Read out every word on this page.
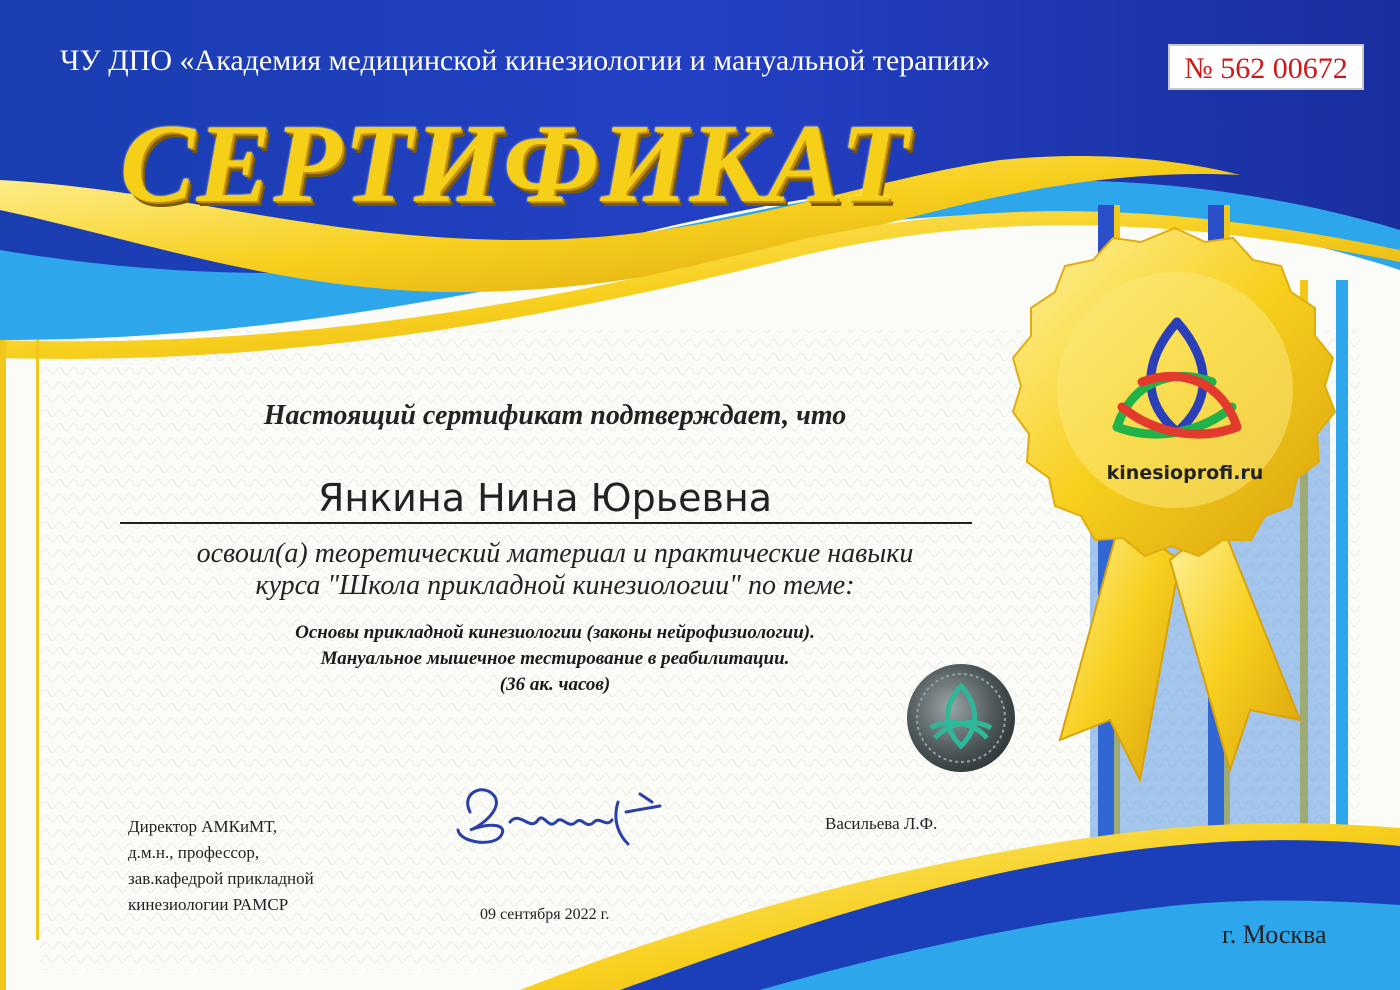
kinesioprofi.ru
ЧУ ДПО «Академия медицинской кинезиологии и мануальной терапии»	№ 562 00672
СЕРТИФИКАТ
Настоящий сертификат подтверждает, что
Янкина Нина Юрьевна
освоил(а) теоретический материал и практические навыки
курса "Школа прикладной кинезиологии" по теме:
Основы прикладной кинезиологии (законы нейрофизиологии).
Мануальное мышечное тестирование в реабилитации.
(36 ак. часов)
Директор АМКиМТ,
д.м.н., профессор,
зав.кафедрой прикладной
кинезиологии РАМСР
Васильева Л.Ф.
09 сентября 2022 г.
г. Москва
